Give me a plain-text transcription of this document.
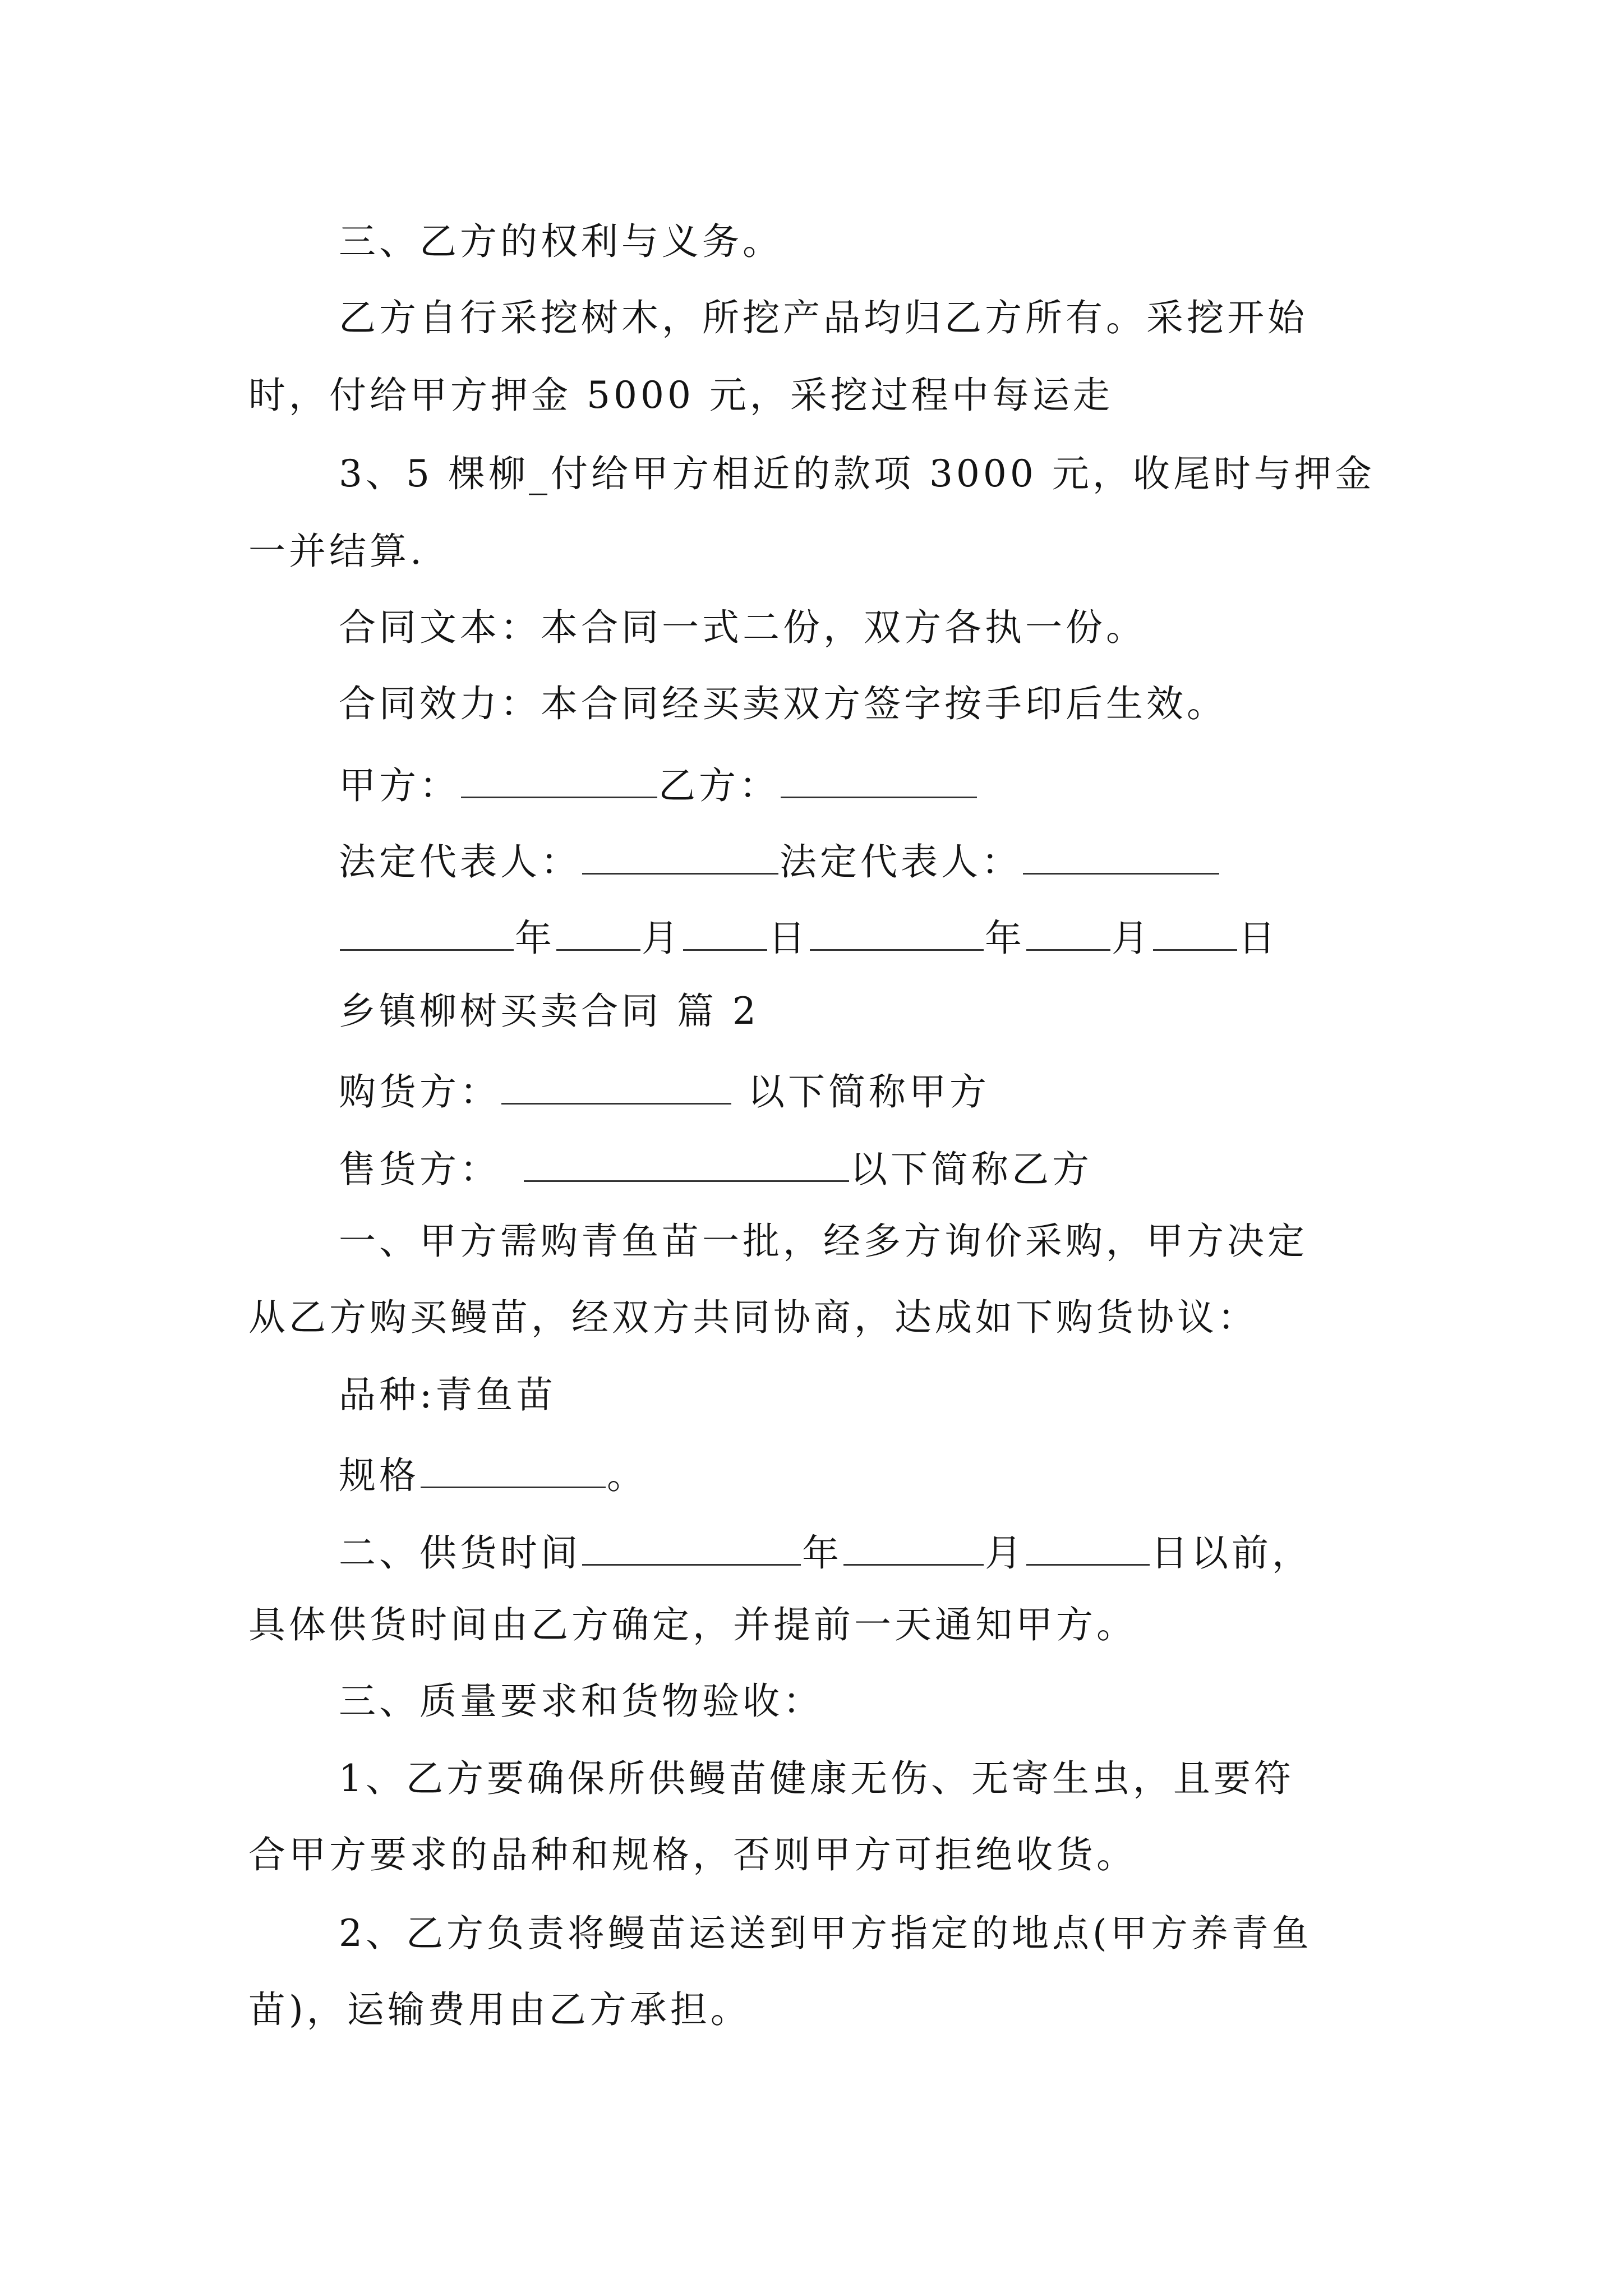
三、乙方的权利与义务。
乙方自行采挖树木，所挖产品均归乙方所有。采挖开始
时，付给甲方押金 5000 元，采挖过程中每运走
3、5 棵柳_付给甲方相近的款项 3000 元，收尾时与押金
一并结算.
合同文本：本合同一式二份，双方各执一份。
合同效力：本合同经买卖双方签字按手印后生效。
甲方：	乙方：
法定代表人：	法定代表人：
年 月 日	年 月 日
乡镇柳树买卖合同 篇 2
购货方：	以下简称甲方
售货方：	以下简称乙方
一、甲方需购青鱼苗一批，经多方询价采购，甲方决定
从乙方购买鳗苗，经双方共同协商，达成如下购货协议：
品种:青鱼苗
规格	。
二、供货时间	年	月	日以前，
具体供货时间由乙方确定，并提前一天通知甲方。
三、质量要求和货物验收：
1、乙方要确保所供鳗苗健康无伤、无寄生虫，且要符
合甲方要求的品种和规格，否则甲方可拒绝收货。
2、乙方负责将鳗苗运送到甲方指定的地点(甲方养青鱼
苗)，运输费用由乙方承担。
